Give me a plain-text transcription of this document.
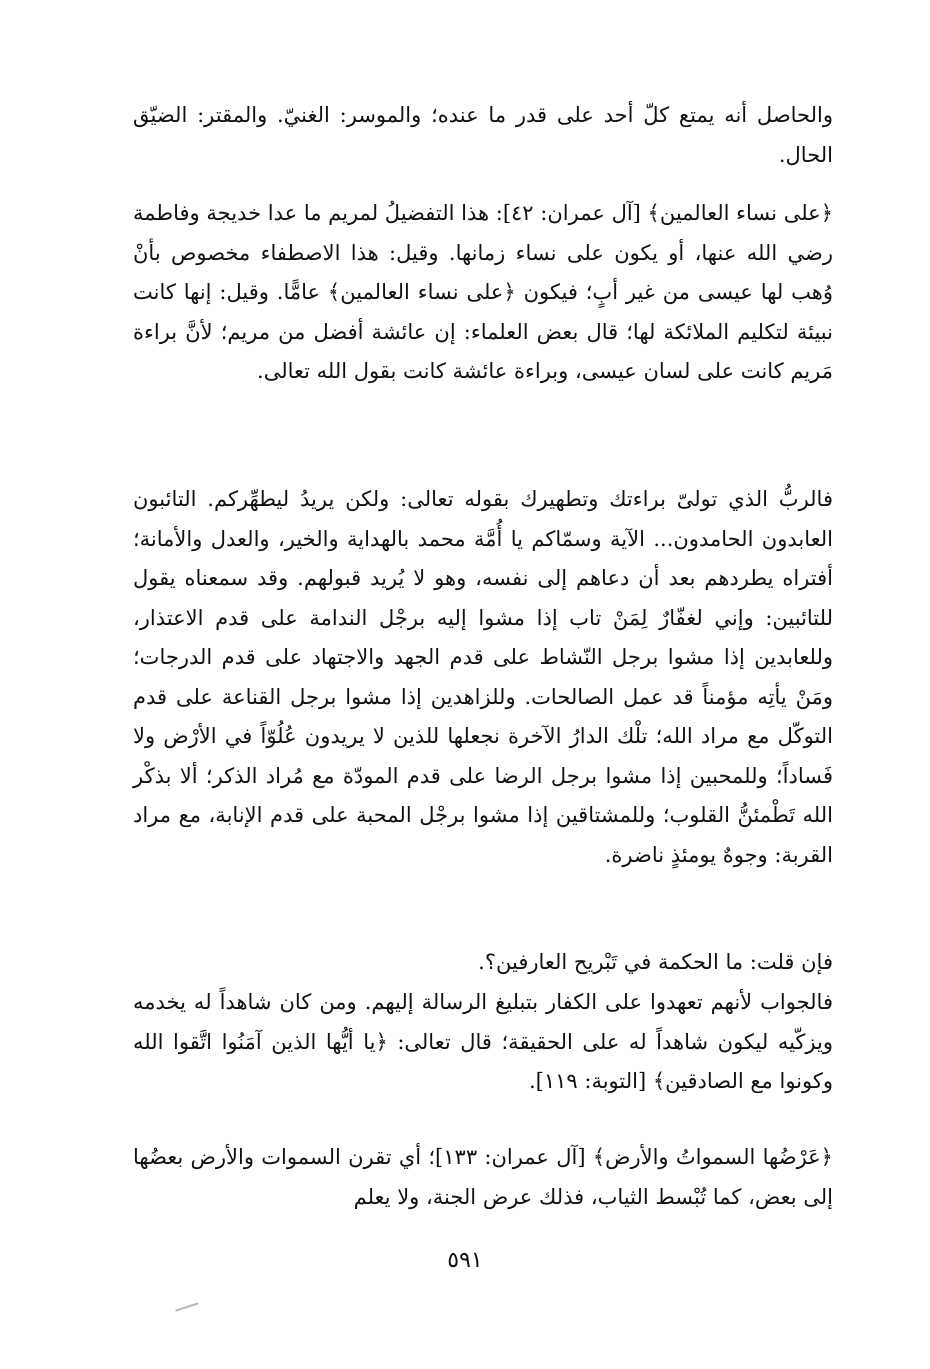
والحاصل أنه يمتع كلّ أحد على قدر ما عنده؛ والموسر: الغنيّ. والمقتر: الضيّق الحال.

﴿على نساء العالمين﴾ [آل عمران: ٤٢]: هذا التفضيلُ لمريم ما عدا خديجة وفاطمة رضي الله عنها، أو يكون على نساء زمانها. وقيل: هذا الاصطفاء مخصوص بأنْ وُهب لها عيسى من غير أبٍ؛ فيكون ﴿على نساء العالمين﴾ عامًّا. وقيل: إنها كانت نبيئة لتكليم الملائكة لها؛ قال بعض العلماء: إن عائشة أفضل من مريم؛ لأنَّ براءة مَريم كانت على لسان عيسى، وبراءة عائشة كانت بقول الله تعالى.

فالربُّ الذي تولىّ براءتك وتطهيرك بقوله تعالى: ولكن يريدُ ليطهِّركم. التائبون العابدون الحامدون... الآية وسمّاكم يا أُمَّة محمد بالهداية والخير، والعدل والأمانة؛ أفتراه يطردهم بعد أن دعاهم إلى نفسه، وهو لا يُريد قبولهم. وقد سمعناه يقول للتائبين: وإني لغفّارٌ لِمَنْ تاب إذا مشوا إليه برجْل الندامة على قدم الاعتذار، وللعابدين إذا مشوا برجل النّشاط على قدم الجهد والاجتهاد على قدم الدرجات؛ ومَنْ يأتِه مؤمناً قد عمل الصالحات. وللزاهدين إذا مشوا برجل القناعة على قدم التوكّل مع مراد الله؛ تلْك الدارُ الآخرة نجعلها للذين لا يريدون عُلُوّاً في الأرْض ولا فَساداً؛ وللمحبين إذا مشوا برجل الرضا على قدم المودّة مع مُراد الذكر؛ ألا بذكْر الله تَطْمئنُّ القلوب؛ وللمشتاقين إذا مشوا برجْل المحبة على قدم الإنابة، مع مراد القربة: وجوهٌ يومئذٍ ناضرة.

فإن قلت: ما الحكمة في تَبْريح العارفين؟.

فالجواب لأنهم تعهدوا على الكفار بتبليغ الرسالة إليهم. ومن كان شاهداً له يخدمه ويزكّيه ليكون شاهداً له على الحقيقة؛ قال تعالى: ﴿يا أيُّها الذين آمَنُوا اتَّقوا الله وكونوا مع الصادقين﴾ [التوبة: ١١٩].

﴿عَرْضُها السمواتُ والأرض﴾ [آل عمران: ١٣٣]؛ أي تقرن السموات والأرض بعضُها إلى بعض، كما تُبْسط الثياب، فذلك عرض الجنة، ولا يعلم

٥٩١
